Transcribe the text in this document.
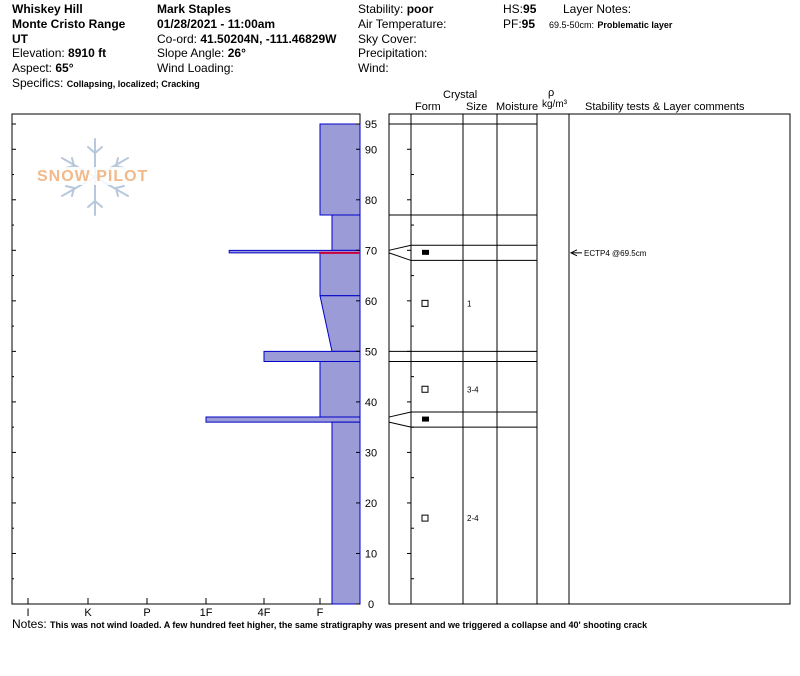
Whiskey Hill
Monte Cristo Range
UT
Elevation: 8910 ft
Aspect: 65°
Specifics: Collapsing, localized; Cracking
Mark Staples
01/28/2021 - 11:00am
Co-ord: 41.50204N, -111.46829W
Slope Angle: 26°
Wind Loading:
Stability: poor
Air Temperature:
Sky Cover:
Precipitation:
Wind:
HS:95
PF:95
Layer Notes:
69.5-50cm: Problematic layer
SNOW PILOT
Crystal
Form Size Moisture
ρ
kg/m³ Stability tests & Layer comments
I	K	P	1F	4F	F
0
10
20
30
40
50
60
70
80
90
95
1
3-4
2-4
ECTP4 @69.5cm
Notes: This was not wind loaded. A few hundred feet higher, the same stratigraphy was present and we triggered a collapse and 40' shooting crack
